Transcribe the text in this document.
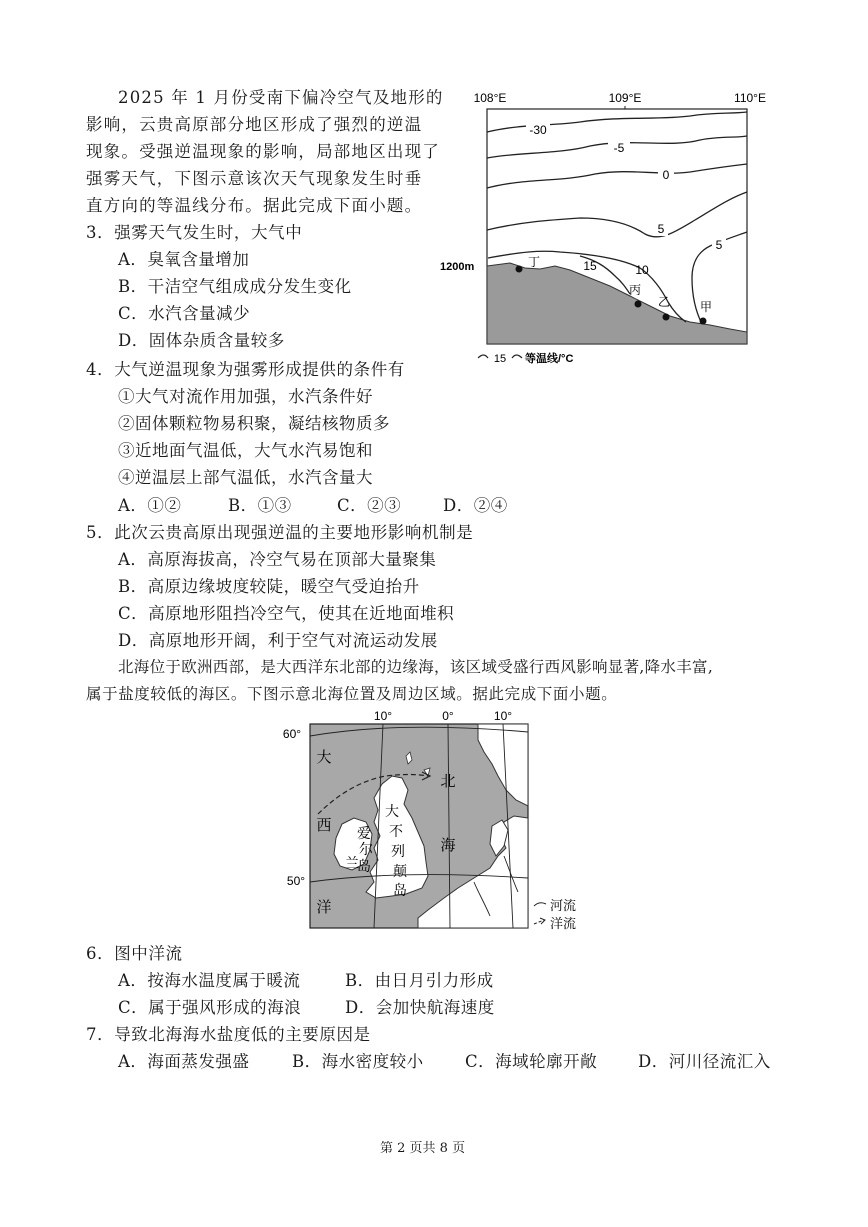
2025 年 1 月份受南下偏冷空气及地形的
影响，云贵高原部分地区形成了强烈的逆温
现象。受强逆温现象的影响，局部地区出现了
强雾天气，下图示意该次天气现象发生时垂
直方向的等温线分布。据此完成下面小题。
3．强雾天气发生时，大气中
A．臭氧含量增加
B．干洁空气组成成分发生变化
C．水汽含量减少
D．固体杂质含量较多
108°E	109°E	110°E
-30
-5
0
5
5
15	10
1200m	丁
丙
乙 甲
15 等温线/°C
4．大气逆温现象为强雾形成提供的条件有
①大气对流作用加强，水汽条件好
②固体颗粒物易积聚，凝结核物质多
③近地面气温低，大气水汽易饱和
④逆温层上部气温低，水汽含量大
A．①②	B．①③	C．②③	D．②④
5．此次云贵高原出现强逆温的主要地形影响机制是
A．高原海拔高，冷空气易在顶部大量聚集
B．高原边缘坡度较陡，暖空气受迫抬升
C．高原地形阻挡冷空气，使其在近地面堆积
D．高原地形开阔，利于空气对流运动发展
北海位于欧洲西部，是大西洋东北部的边缘海，该区域受盛行西风影响显著,降水丰富,
属于盐度较低的海区。下图示意北海位置及周边区域。据此完成下面小题。
10°	0°	10°
60°
50°
大
西
洋
北
海
大
不
列
颠
岛
爱
尔
兰
岛
河流
洋流
6．图中洋流
A．按海水温度属于暖流	B．由日月引力形成
C．属于强风形成的海浪	D．会加快航海速度
7．导致北海海水盐度低的主要原因是
A．海面蒸发强盛	B．海水密度较小	C．海域轮廓开敞 D．河川径流汇入
第 2 页共 8 页
